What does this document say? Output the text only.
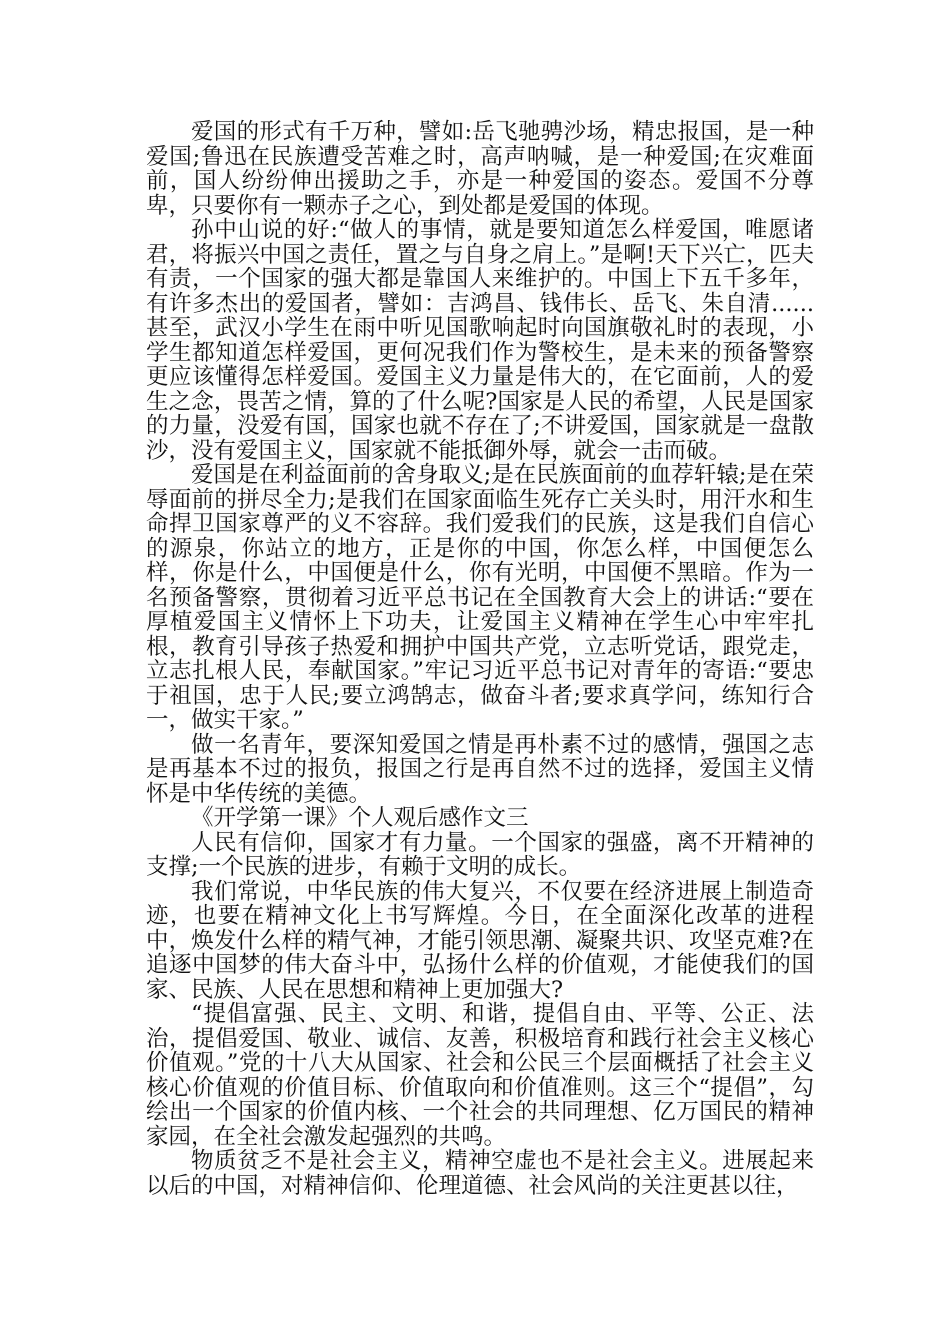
爱国的形式有千万种，譬如:岳飞驰骋沙场，精忠报国，是一种爱国;鲁迅在民族遭受苦难之时，高声呐喊，是一种爱国;在灾难面前，国人纷纷伸出援助之手，亦是一种爱国的姿态。爱国不分尊卑，只要你有一颗赤子之心，到处都是爱国的体现。

孙中山说的好:“做人的事情，就是要知道怎么样爱国，唯愿诸君，将振兴中国之责任，置之与自身之肩上。”是啊!天下兴亡，匹夫有责，一个国家的强大都是靠国人来维护的。中国上下五千多年，有许多杰出的爱国者，譬如：吉鸿昌、钱伟长、岳飞、朱自清......甚至，武汉小学生在雨中听见国歌响起时向国旗敬礼时的表现，小学生都知道怎样爱国，更何况我们作为警校生，是未来的预备警察更应该懂得怎样爱国。爱国主义力量是伟大的，在它面前，人的爱生之念，畏苦之情，算的了什么呢?国家是人民的希望，人民是国家的力量，没爱有国，国家也就不存在了;不讲爱国，国家就是一盘散沙，没有爱国主义，国家就不能抵御外辱，就会一击而破。

爱国是在利益面前的舍身取义;是在民族面前的血荐轩辕;是在荣辱面前的拼尽全力;是我们在国家面临生死存亡关头时，用汗水和生命捍卫国家尊严的义不容辞。我们爱我们的民族，这是我们自信心的源泉，你站立的地方，正是你的中国，你怎么样，中国便怎么样，你是什么，中国便是什么，你有光明，中国便不黑暗。作为一名预备警察，贯彻着习近平总书记在全国教育大会上的讲话:“要在厚植爱国主义情怀上下功夫，让爱国主义精神在学生心中牢牢扎根，教育引导孩子热爱和拥护中国共产党，立志听党话，跟党走，立志扎根人民，奉献国家。”牢记习近平总书记对青年的寄语:“要忠于祖国，忠于人民;要立鸿鹄志，做奋斗者;要求真学问，练知行合一，做实干家。”

做一名青年，要深知爱国之情是再朴素不过的感情，强国之志是再基本不过的报负，报国之行是再自然不过的选择，爱国主义情怀是中华传统的美德。

《开学第一课》个人观后感作文三

人民有信仰，国家才有力量。一个国家的强盛，离不开精神的支撑;一个民族的进步，有赖于文明的成长。

我们常说，中华民族的伟大复兴，不仅要在经济进展上制造奇迹，也要在精神文化上书写辉煌。今日，在全面深化改革的进程中，焕发什么样的精气神，才能引领思潮、凝聚共识、攻坚克难?在追逐中国梦的伟大奋斗中，弘扬什么样的价值观，才能使我们的国家、民族、人民在思想和精神上更加强大?

“提倡富强、民主、文明、和谐，提倡自由、平等、公正、法治，提倡爱国、敬业、诚信、友善，积极培育和践行社会主义核心价值观。”党的十八大从国家、社会和公民三个层面概括了社会主义核心价值观的价值目标、价值取向和价值准则。这三个“提倡”，勾绘出一个国家的价值内核、一个社会的共同理想、亿万国民的精神家园，在全社会激发起强烈的共鸣。

物质贫乏不是社会主义，精神空虚也不是社会主义。进展起来以后的中国，对精神信仰、伦理道德、社会风尚的关注更甚以往，
